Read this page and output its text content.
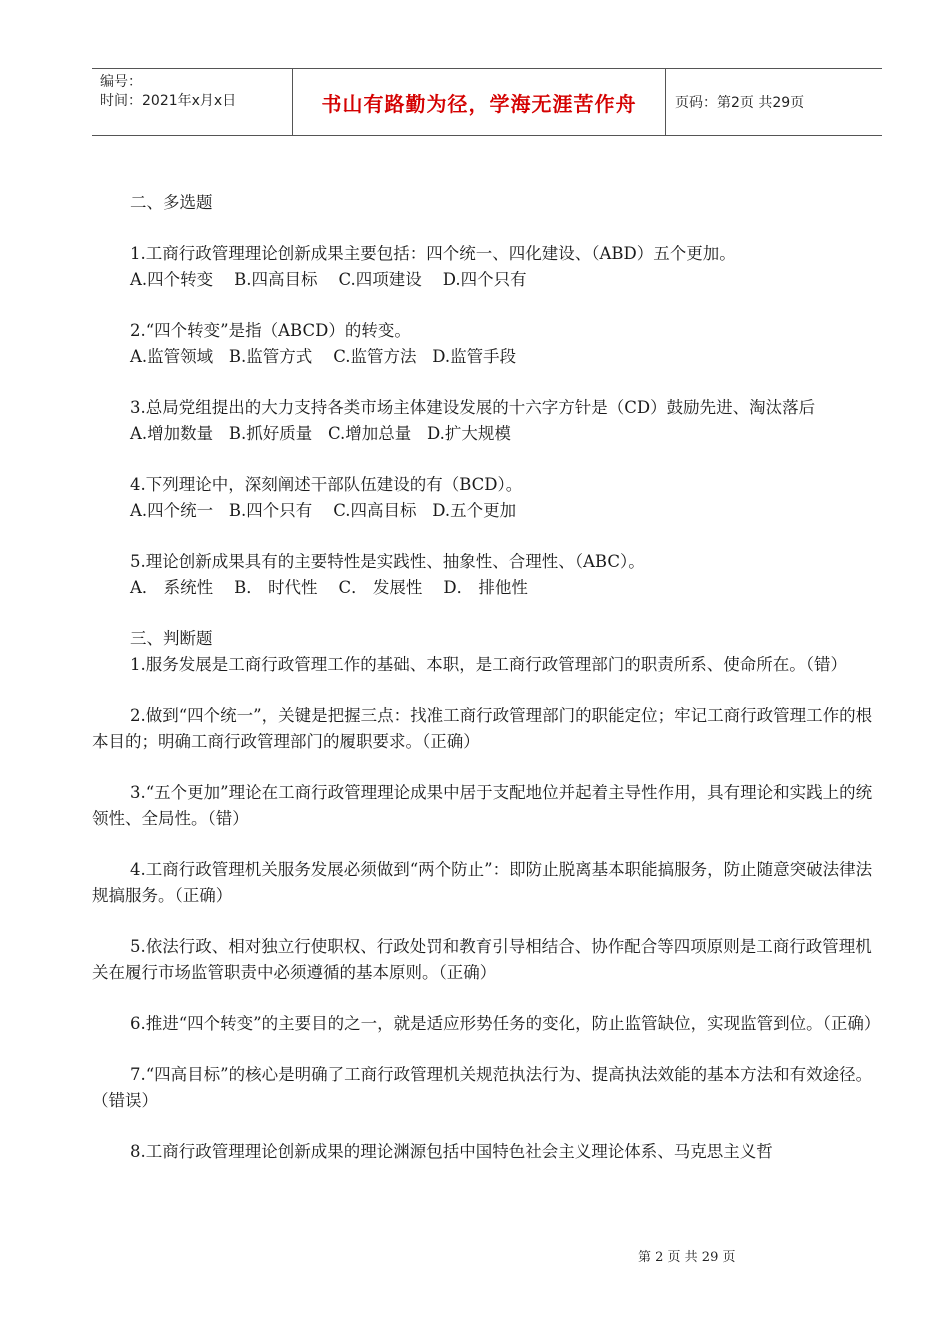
编号：
时间：2021年x月x日	书山有路勤为径，学海无涯苦作舟	页码：第2页 共29页

二、多选题

1.工商行政管理理论创新成果主要包括：四个统一、四化建设、（ABD）五个更加。

A.四个转变    B.四高目标    C.四项建设    D.四个只有

2.“四个转变”是指（ABCD）的转变。

A.监管领域   B.监管方式    C.监管方法   D.监管手段

3.总局党组提出的大力支持各类市场主体建设发展的十六字方针是（CD）鼓励先进、淘汰落后

A.增加数量   B.抓好质量   C.增加总量   D.扩大规模

4.下列理论中，深刻阐述干部队伍建设的有（BCD）。

A.四个统一   B.四个只有    C.四高目标   D.五个更加

5.理论创新成果具有的主要特性是实践性、抽象性、合理性、（ABC）。

A． 系统性    B． 时代性    C． 发展性    D． 排他性

三、判断题

1.服务发展是工商行政管理工作的基础、本职，是工商行政管理部门的职责所系、使命所在。（错）

2.做到“四个统一”，关键是把握三点：找准工商行政管理部门的职能定位；牢记工商行政管理工作的根本目的；明确工商行政管理部门的履职要求。（正确）

3.“五个更加”理论在工商行政管理理论成果中居于支配地位并起着主导性作用，具有理论和实践上的统领性、全局性。（错）

4.工商行政管理机关服务发展必须做到“两个防止”：即防止脱离基本职能搞服务，防止随意突破法律法规搞服务。（正确）

5.依法行政、相对独立行使职权、行政处罚和教育引导相结合、协作配合等四项原则是工商行政管理机关在履行市场监管职责中必须遵循的基本原则。（正确）

6.推进“四个转变”的主要目的之一，就是适应形势任务的变化，防止监管缺位，实现监管到位。（正确）

7.“四高目标”的核心是明确了工商行政管理机关规范执法行为、提高执法效能的基本方法和有效途径。（错误）

8.工商行政管理理论创新成果的理论渊源包括中国特色社会主义理论体系、马克思主义哲

第 2 页 共 29 页
